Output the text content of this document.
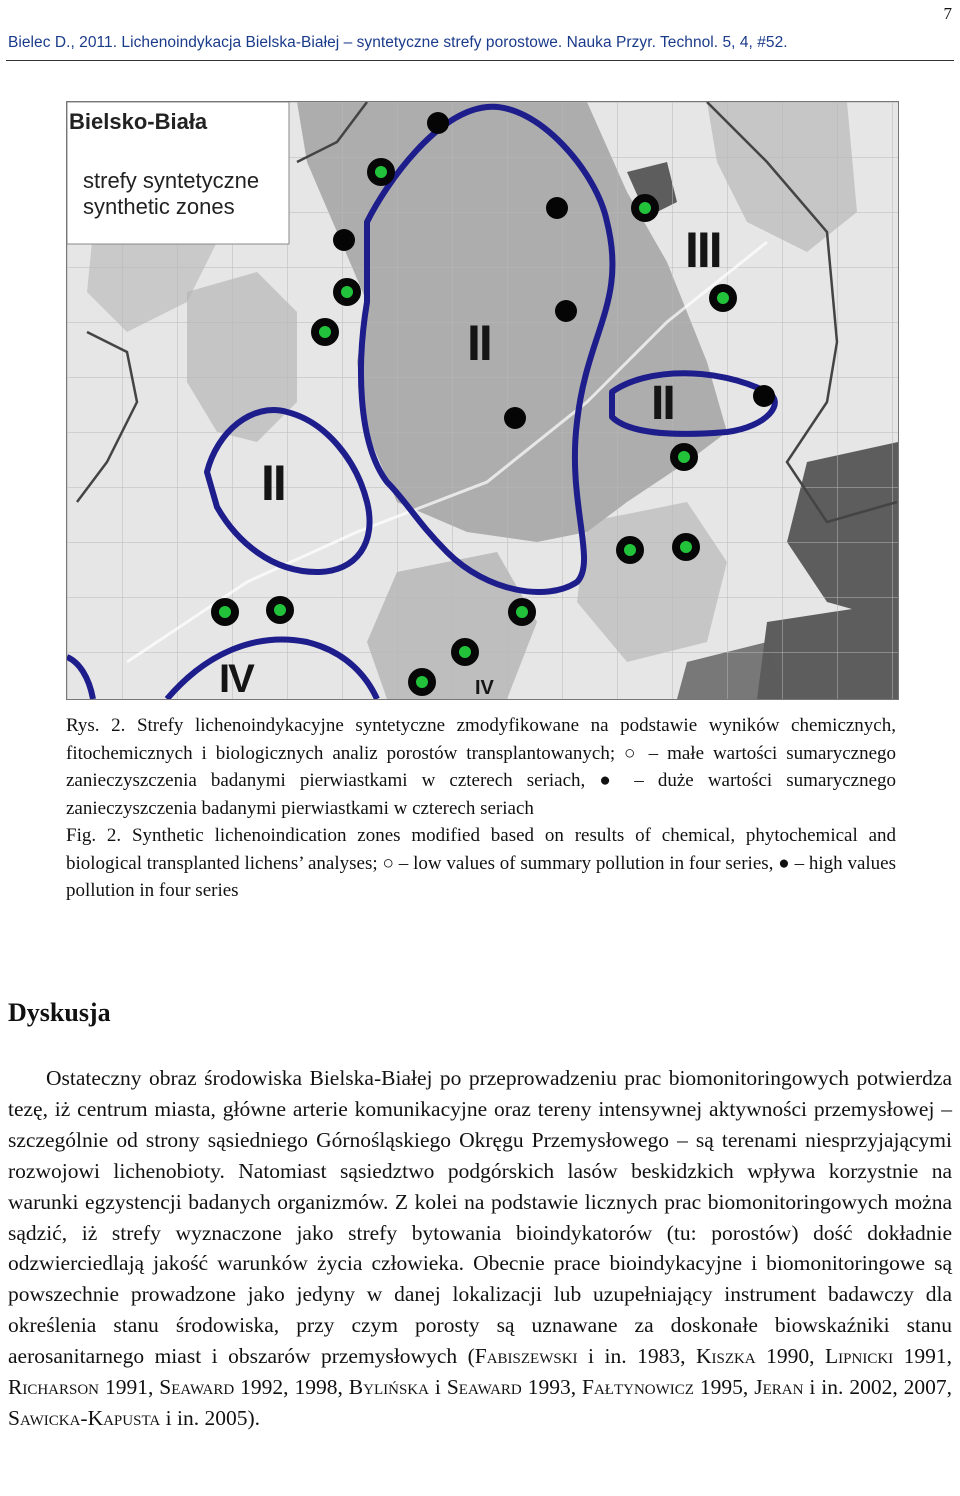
7
Bielec D., 2011. Lichenoindykacja Bielska-Białej – syntetyczne strefy porostowe. Nauka Przyr. Technol. 5, 4, #52.
Bielsko-Biała
strefy syntetyczne
synthetic zones
III
II
II
II
IV	IV

Rys. 2. Strefy lichenoindykacyjne syntetyczne zmodyfikowane na podstawie wyników chemicznych, fitochemicznych i biologicznych analiz porostów transplantowanych; ○ – małe wartości sumarycznego zanieczyszczenia badanymi pierwiastkami w czterech seriach, ● – duże wartości sumarycznego zanieczyszczenia badanymi pierwiastkami w czterech seriach

Fig. 2. Synthetic lichenoindication zones modified based on results of chemical, phytochemical and biological transplanted lichens’ analyses; ○ – low values of summary pollution in four series, ● – high values pollution in four series

Dyskusja

Ostateczny obraz środowiska Bielska-Białej po przeprowadzeniu prac biomonitoringowych potwierdza tezę, iż centrum miasta, główne arterie komunikacyjne oraz tereny intensywnej aktywności przemysłowej – szczególnie od strony sąsiedniego Górnośląskiego Okręgu Przemysłowego – są terenami niesprzyjającymi rozwojowi lichenobioty. Natomiast sąsiedztwo podgórskich lasów beskidzkich wpływa korzystnie na warunki egzystencji badanych organizmów. Z kolei na podstawie licznych prac biomonitoringowych można sądzić, iż strefy wyznaczone jako strefy bytowania bioindykatorów (tu: porostów) dość dokładnie odzwierciedlają jakość warunków życia człowieka. Obecnie prace bioindykacyjne i biomonitoringowe są powszechnie prowadzone jako jedyny w danej lokalizacji lub uzupełniający instrument badawczy dla określenia stanu środowiska, przy czym porosty są uznawane za doskonałe biowskaźniki stanu aerosanitarnego miast i obszarów przemysłowych (Fabiszewski i in. 1983, Kiszka 1990, Lipnicki 1991, Richarson 1991, Seaward 1992, 1998, Bylińska i Seaward 1993, Fałtynowicz 1995, Jeran i in. 2002, 2007, Sawicka-Kapusta i in. 2005).
